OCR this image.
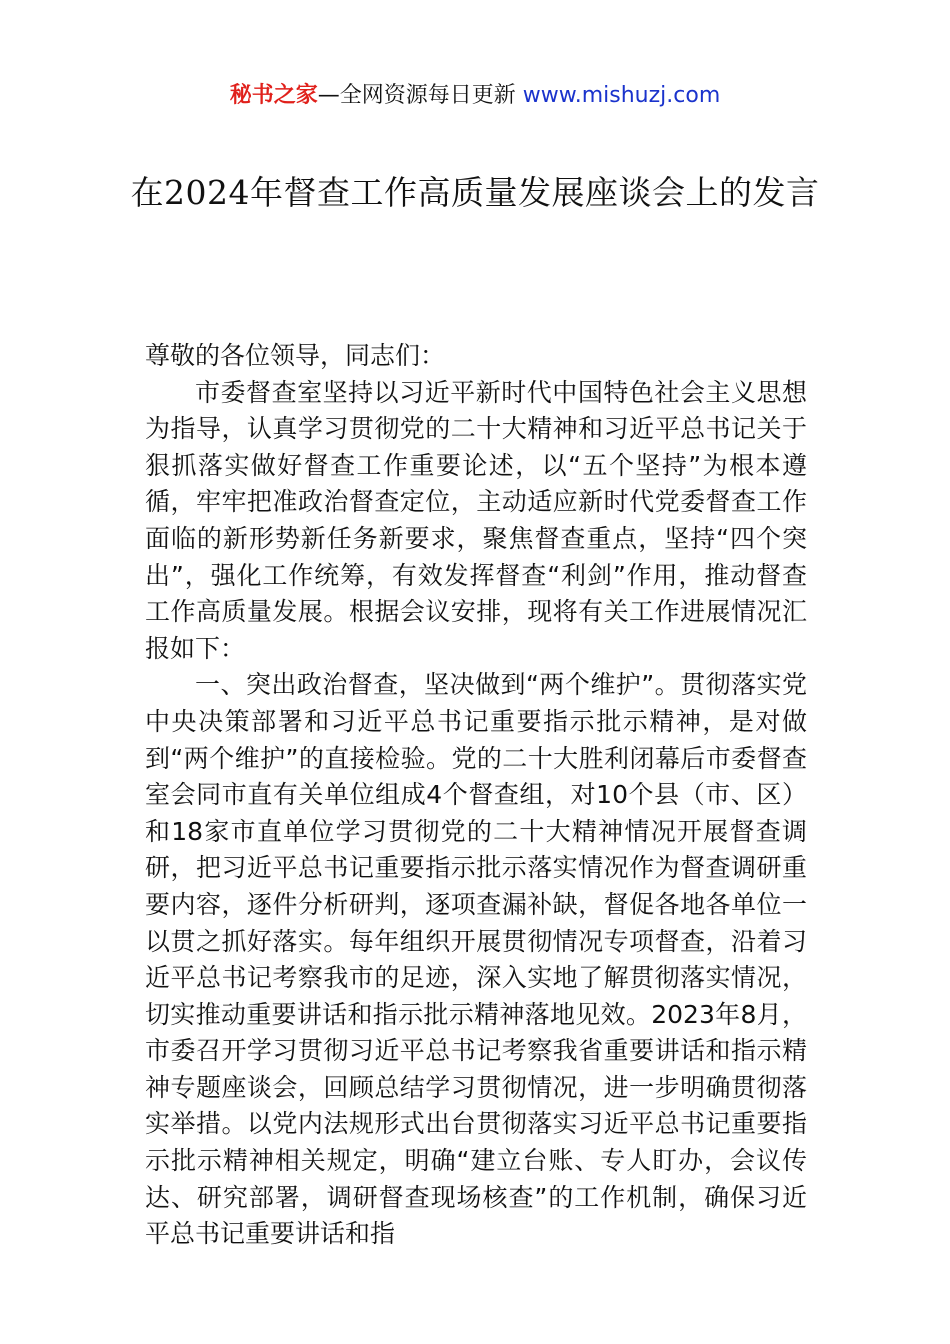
秘书之家—全网资源每日更新 www.mishuzj.com
在2024年督查工作高质量发展座谈会上的发言

尊敬的各位领导，同志们：

市委督查室坚持以习近平新时代中国特色社会主义思想为指导，认真学习贯彻党的二十大精神和习近平总书记关于狠抓落实做好督查工作重要论述，以“五个坚持”为根本遵循，牢牢把准政治督查定位，主动适应新时代党委督查工作面临的新形势新任务新要求，聚焦督查重点，坚持“四个突出”，强化工作统筹，有效发挥督查“利剑”作用，推动督查工作高质量发展。根据会议安排，现将有关工作进展情况汇报如下：

一、突出政治督查，坚决做到“两个维护”。贯彻落实党中央决策部署和习近平总书记重要指示批示精神，是对做到“两个维护”的直接检验。党的二十大胜利闭幕后市委督查室会同市直有关单位组成4个督查组，对10个县（市、区）和18家市直单位学习贯彻党的二十大精神情况开展督查调研，把习近平总书记重要指示批示落实情况作为督查调研重要内容，逐件分析研判，逐项查漏补缺，督促各地各单位一以贯之抓好落实。每年组织开展贯彻情况专项督查，沿着习近平总书记考察我市的足迹，深入实地了解贯彻落实情况，切实推动重要讲话和指示批示精神落地见效。2023年8月，市委召开学习贯彻习近平总书记考察我省重要讲话和指示精神专题座谈会，回顾总结学习贯彻情况，进一步明确贯彻落实举措。以党内法规形式出台贯彻落实习近平总书记重要指示批示精神相关规定，明确“建立台账、专人盯办，会议传达、研究部署，调研督查现场核查”的工作机制，确保习近平总书记重要讲话和指
